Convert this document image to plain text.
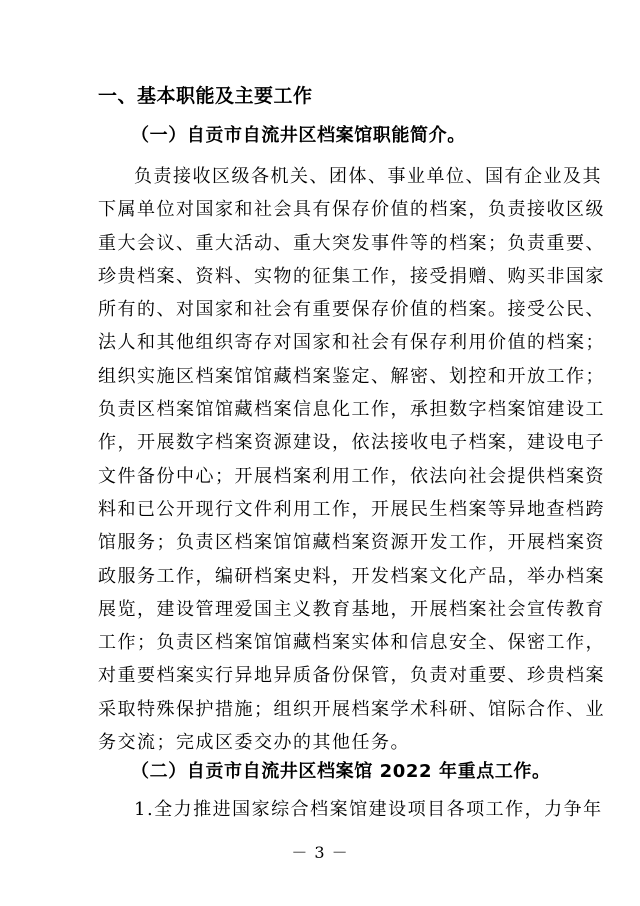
一、基本职能及主要工作
（一）自贡市自流井区档案馆职能简介。
负责接收区级各机关、团体、事业单位、国有企业及其
下属单位对国家和社会具有保存价值的档案，负责接收区级
重大会议、重大活动、重大突发事件等的档案；负责重要、
珍贵档案、资料、实物的征集工作，接受捐赠、购买非国家
所有的、对国家和社会有重要保存价值的档案。接受公民、
法人和其他组织寄存对国家和社会有保存利用价值的档案；
组织实施区档案馆馆藏档案鉴定、解密、划控和开放工作；
负责区档案馆馆藏档案信息化工作，承担数字档案馆建设工
作，开展数字档案资源建设，依法接收电子档案，建设电子
文件备份中心；开展档案利用工作，依法向社会提供档案资
料和已公开现行文件利用工作，开展民生档案等异地查档跨
馆服务；负责区档案馆馆藏档案资源开发工作，开展档案资
政服务工作，编研档案史料，开发档案文化产品，举办档案
展览，建设管理爱国主义教育基地，开展档案社会宣传教育
工作；负责区档案馆馆藏档案实体和信息安全、保密工作，
对重要档案实行异地异质备份保管，负责对重要、珍贵档案
采取特殊保护措施；组织开展档案学术科研、馆际合作、业
务交流；完成区委交办的其他任务。
（二）自贡市自流井区档案馆 2022 年重点工作。
1.全力推进国家综合档案馆建设项目各项工作，力争年
－ 3 －
